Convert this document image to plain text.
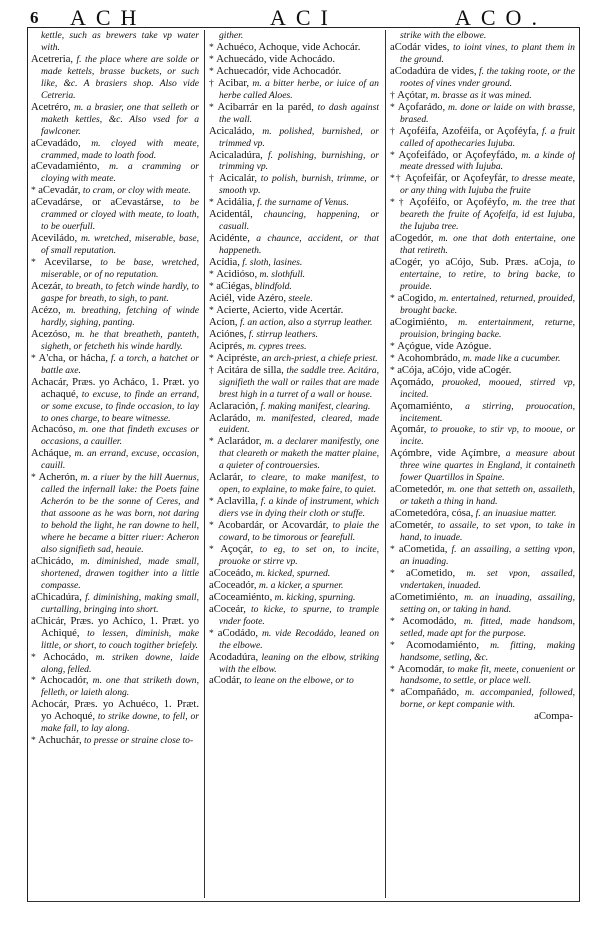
6 ACH	ACI	ACO.
kettle, such as brewers take vp water with.
Acetreria, f. the place where are solde or made kettels, brasse buckets, or such like, &c. A brasiers shop. Also vide Cetreria.
Acetréro, m. a brasier, one that selleth or maketh kettles, &c. Also vsed for a fawlconer.
aCevadádo, m. cloyed with meate, crammed, made to loath food.
aCevadamiénto, m. a cramming or cloying with meate.
* aCevadár, to cram, or cloy with meate.
aCevadárse, or aCevastárse, to be crammed or cloyed with meate, to loath, to be ouerfull.
Aceviládo, m. wretched, miserable, base, of small reputation.
* Acevilarse, to be base, wretched, miserable, or of no reputation.
Acezár, to breath, to fetch winde hardly, to gaspe for breath, to sigh, to pant.
Acézo, m. breathing, fetching of winde hardly, sighing, panting.
Acezóso, m. he that breatheth, panteth, sigheth, or fetcheth his winde hardly.
* A'cha, or hácha, f. a torch, a hatchet or battle axe.
Achacár, Præs. yo Acháco, 1. Præt. yo achaqué, to excuse, to finde an errand, or some excuse, to finde occasion, to lay to ones charge, to beare witnesse.
Achacóso, m. one that findeth excuses or occasions, a cauiller.
Acháque, m. an errand, excuse, occasion, cauill.
* Acherón, m. a riuer by the hill Auernus, called the infernall lake: the Poets faine Acherón to be the sonne of Ceres, and that assoone as he was born, not daring to behold the light, he ran downe to hell, where he became a bitter riuer: Acheron also signifieth sad, heauie.
aChicádo, m. diminished, made small, shortened, drawen togither into a little compasse.
aChicadúra, f. diminishing, making small, curtalling, bringing into short.
aChicár, Præs. yo Achíco, 1. Præt. yo Achiqué, to lessen, diminish, make little, or short, to couch togither briefely.
* Achocádo, m. striken downe, laide along, felled.
* Achocadór, m. one that striketh down, felleth, or laieth along.
Achocár, Præs. yo Achuéco, 1. Præt. yo Achoqué, to strike downe, to fell, or make fall, to lay along.
* Achuchár, to presse or straine close to-
gither.
* Achuéco, Achoque, vide Achocár.
* Achuecádo, vide Achocádo.
* Achuecadór, vide Achocadór.
† Acibar, m. a bitter herbe, or iuice of an herbe called Aloes.
* Acibarrár en la paréd, to dash against the wall.
Acicaládo, m. polished, burnished, or trimmed vp.
Acicaladúra, f. polishing, burnishing, or trimming vp.
† Acicalár, to polish, burnish, trimme, or smooth vp.
* Acidália, f. the surname of Venus.
Acidentál, chauncing, happening, or casuall.
Acidénte, a chaunce, accident, or that happeneth.
Acídia, f. sloth, lasines.
* Acidióso, m. slothfull.
* aCiégas, blindfold.
Aciél, vide Azéro, steele.
* Acierte, Acierto, vide Acertár.
Acíon, f. an action, also a styrrup leather.
Aciónes, f. stirrup leathers.
Aciprés, m. cypres trees.
* Acipréste, an arch-priest, a chiefe priest.
† Acitára de silla, the saddle tree. Acitára, signifieth the wall or railes that are made brest high in a turret of a wall or house.
Aclaración, f. making manifest, clearing.
Aclarádo, m. manifested, cleared, made euident.
* Aclarádor, m. a declarer manifestly, one that cleareth or maketh the matter plaine, a quieter of controuersies.
Aclarár, to cleare, to make manifest, to open, to explaine, to make faire, to quiet.
* Aclavilla, f. a kinde of instrument, which diers vse in dying their cloth or stuffe.
* Acobardár, or Acovardár, to plaie the coward, to be timorous or fearefull.
* Açoçár, to eg, to set on, to incite, prouoke or stirre vp.
aCoceádo, m. kicked, spurned.
aCoceadór, m. a kicker, a spurner.
aCoceamiénto, m. kicking, spurning.
aCoceár, to kicke, to spurne, to trample vnder foote.
* aCodádo, m. vide Recodádo, leaned on the elbowe.
Acodadúra, leaning on the elbow, striking with the elbow.
aCodár, to leane on the elbowe, or to
strike with the elbowe.
aCodár vides, to ioint vines, to plant them in the ground.
aCodadúra de vides, f. the taking roote, or the rootes of vines vnder ground.
† Açótar, m. brasse as it was mined.
* Açofarádo, m. done or laide on with brasse, brased.
† Açoféifa, Azoféifa, or Açoféyfa, f. a fruit called of apothecaries Iujuba.
* Açofeifádo, or Açofeyfádo, m. a kinde of meate dressed with Iujuba.
*† Açofeifár, or Açofeyfár, to dresse meate, or any thing with Iujuba the fruite
* † Açoféifo, or Açoféyfo, m. the tree that beareth the fruite of Açofeifa, id est Iujuba, the Iujuba tree.
aCogedór, m. one that doth entertaine, one that retireth.
aCogér, yo aCójo, Sub. Præs. aCoja, to entertaine, to retire, to bring backe, to prouide.
* aCogido, m. entertained, returned, prouided, brought backe.
aCogimiénto, m. entertainment, returne, prouision, bringing backe.
* Açógue, vide Azógue.
* Acohombrádo, m. made like a cucumber.
* aCója, aCójo, vide aCogér.
Açomádo, prouoked, mooued, stirred vp, incited.
Açomamiénto, a stirring, prouocation, incitement.
Açomár, to prouoke, to stir vp, to mooue, or incite.
Açómbre, vide Açímbre, a measure about three wine quartes in England, it containeth fower Quartillos in Spaine.
aCometedór, m. one that setteth on, assaileth, or taketh a thing in hand.
aCometedóra, cósa, f. an inuasiue matter.
aCometér, to assaile, to set vpon, to take in hand, to inuade.
* aCometida, f. an assailing, a setting vpon, an inuading.
* aCometido, m. set vpon, assailed, vndertaken, inuaded.
aCometimiénto, m. an inuading, assailing, setting on, or taking in hand.
* Acomodádo, m. fitted, made handsom, setled, made apt for the purpose.
* Acomodamiénto, m. fitting, making handsome, setling, &c.
* Acomodár, to make fit, meete, conuenient or handsome, to settle, or place well.
* aCompañádo, m. accompanied, followed, borne, or kept companie with.
aCompa-
